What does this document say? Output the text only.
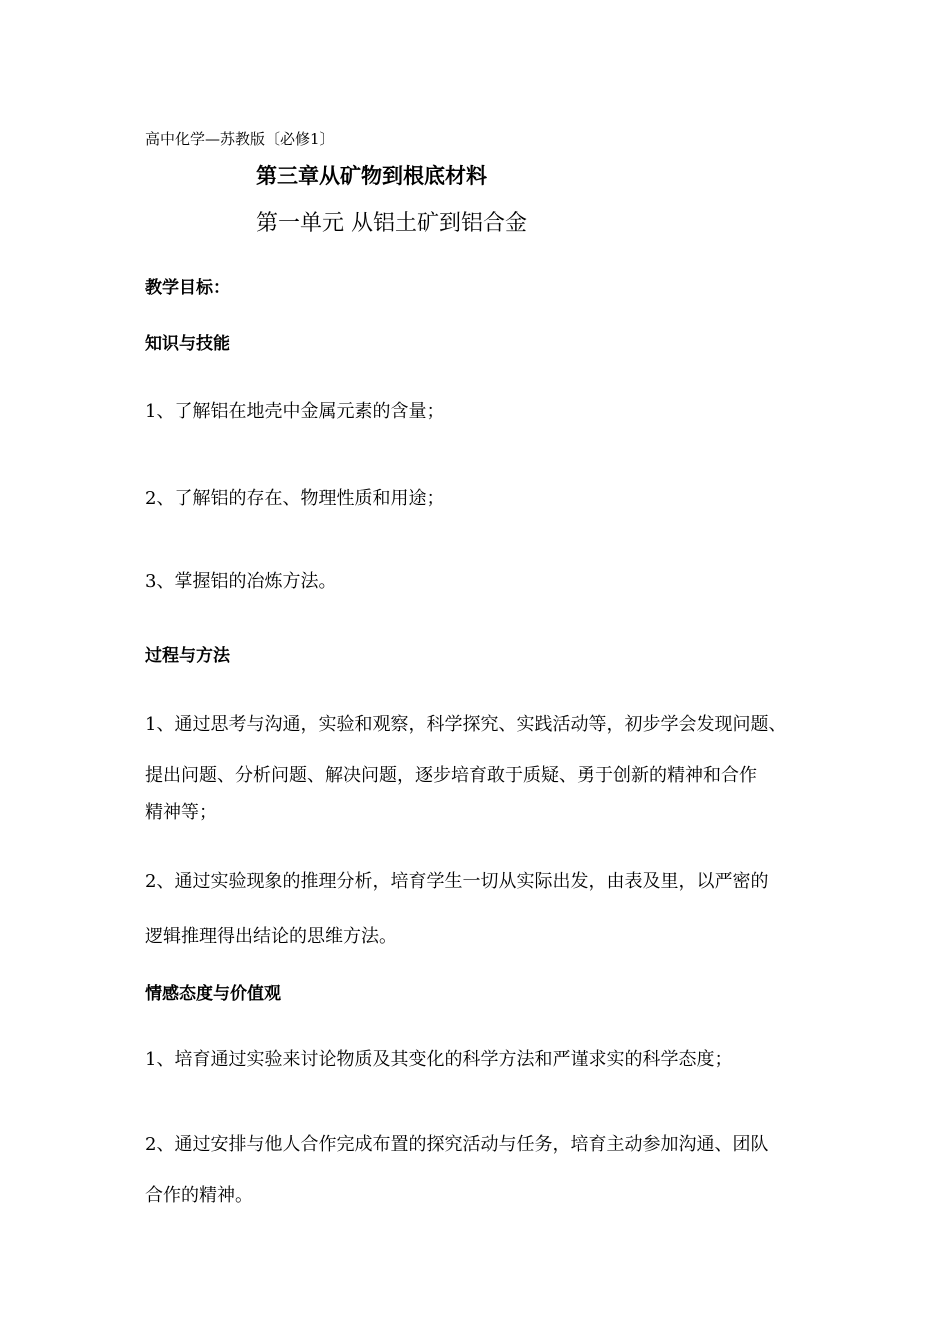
高中化学—苏教版〔必修1〕

第三章从矿物到根底材料

第一单元 从铝土矿到铝合金

教学目标：

知识与技能

1、了解铝在地壳中金属元素的含量；

2、了解铝的存在、物理性质和用途；

3、掌握铝的冶炼方法。

过程与方法

1、通过思考与沟通，实验和观察，科学探究、实践活动等，初步学会发现问题、

提出问题、分析问题、解决问题，逐步培育敢于质疑、勇于创新的精神和合作

精神等；

2、通过实验现象的推理分析，培育学生一切从实际出发，由表及里，以严密的

逻辑推理得出结论的思维方法。

情感态度与价值观

1、培育通过实验来讨论物质及其变化的科学方法和严谨求实的科学态度；

2、通过安排与他人合作完成布置的探究活动与任务，培育主动参加沟通、团队

合作的精神。
